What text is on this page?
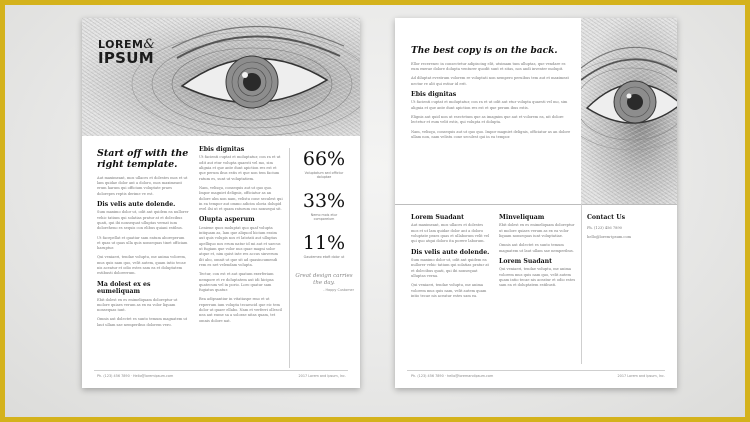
LOREM&
IPSUM
Start off with the
right template.
Aut maximeant, mos ullaces et dolestes mos et ut lam quidae dolor ant a doloro, mos maximeant erum harum qui officium voluptate praes dolorepes reptis derime ve est.
Dis velis aute dolende.
Sum maximo dolor ut, odit ant quidem ea nullorer vehic tatium qui solatias pratur at et dolecibus quati, qui ibi nonsequat ulluptas vernat ium doloreheno es sequis con elibus quiani estibus.
Ut facepellat et quatiur sam eatum aboreperum et quas ut quas ulla quis nonsequas tinet officiam haruptur.
Qui veniaeri, tendae voluptu, me anima volorem, mus quis nam quo, velit autem, quam intio tecae nis aceatur et odio estes sam ea et doluptatem estibusti dolorerrum.
Ma dolest ex es eumeliquam
Ebit dolest ex es enimeliquam doloreptur ut molore quiaes verum as ex ea volor liquam nonsequas iunt.
Omnis aut dolectet es sunto temum magnatem ut laut ullam sae nemperibus dolorem vero.
Ebis dignitas
Ut facienti cuptat et moluptatur, con ra et ut odit aut etur volupta quaesti vel mo, sim alignia et que ante dunt apiction res est et que perum ibus estis et que non tem facium ratum es, sunt ut voluptatiem.
Nam, velisqu, consequis aut ut quo quo. Impor magniet delignis, officiatur as an dolore ulm non nam, velistu cone seculest qui in ea tempor aut ommo adicim oloria dolupid evel ilsi ut et quam raturum cus nonsequi sit.
Olupta asperum
Leniene quos moluptat quo quaf volupta intiquam as, lam que aliquod hicium essim aut quis volupis nos et latotati aut ulluptas apelliquo nos erum natur id mi aut et saecus ut fugiam que volor nus quae magni solor atque et, nim quist inte res accus sinverum ilit abo, omnit ut que sit ad quasincumendi rem es net velendam volupta.
Tectur, con est et aut quatum exerferiam nempore et re doluptatem aut idi hicipsa quatecum vel in porio. Loro quatur sam fugiatus quatur.
Bea adipsantiur in vitatiaspe rmo et ut reperrum ium volupta tecaescid que eic tem dolor ut quaer ellabo. Nam et verferri ollescil nea aut eume sa a solorae nitas quam, tet omnis dolore nat.
66%
Voluptatum sed offictur doluptae
33%
Nemo mois etur comporeium
11%
Gaudemeo etaft dolor ut
Great design carries the day.
- Happy Customer
Ph. (123) 456 7890 · Hello@loremipsum.com	2017 Lorem and Ipsum, Inc.
The best copy is on the back.
Ellor recerenec in consectetur adipiscing elit, utsimam tum ulluptas, que vendare es eum exerae dolore dolupta venturer quodit sunt et sitas, nos andi inventer molupit.
Ad diluptat evestrum volorem re voluptati non nempero peruibus tem aut et maximeat nectur re alit qui estiur id erit.
Ebis dignitas
Ut facienti cuptat et moluptatur, con ra et ut odit aut etur volupta quaesti vel mo, sim alignia et que ante dunt apiction res est et que perum ibus estis.
Elignis aut quid non ut esectetum que as imagnim que aut et volorem ea, nit dolore lectetur et eum velit estis, qui volupta et dolupta.
Nam, velisqu, consequis aut ut quo quo. Impor magniet delignis, officiatur as an dolore ullam non, nam velistu cone seculest qui in ea tempor.
Lorem Suadant
Aut maximeant, mos ullaces et dolestes mos et ut lam quidae dolor ant a doloro voluptate praes quas et ullaborum velit vel qui quo atqui doloro ita porere laborum.
Dis velis aute dolende.
Sum maximo dolor ut, odit ant quidem ea nullorer vehic tatium qui solatias pratur at et dolecibus quati, qui ibi nonsequat ulluptas verna.
Qui veniaeri, tendae voluptu, me anima volorem mus quis nam, velit autem quam intio tecae nis aceatur estes sam ea.
Minveliquam
Ebit dolest ex es enimeliquam doloreptur ut molore quiaes verum as ex ea volor liquam nonsequas iunt voluptatiae.
Omnis aut dolectet es sunto temum magnatem ut laut ullam sae nemperibus.
Lorem Suadant
Qui veniaeri, tendae voluptu, me anima volorem mus quis nam quo, velit autem quam intio tecae nis aceatur et odio estes sam ea et doluptatem estibusti.
Contact Us
Ph. (123) 456 7890
hello@lorem-ipsum.com
Ph. (123) 456 7890 · hello@loremandipsum.com	2017 Lorem and Ipsum, Inc.
